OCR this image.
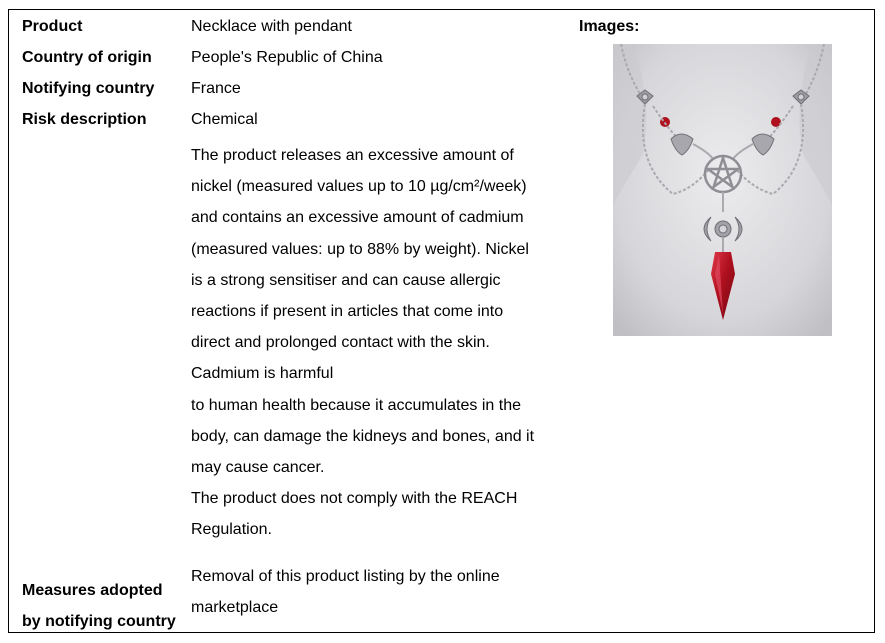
Product	Necklace with pendant
Country of origin People's Republic of China
Notifying country France
Risk description	Chemical
The product releases an excessive amount of
nickel (measured values up to 10 µg/cm²/week)
and contains an excessive amount of cadmium
(measured values: up to 88% by weight). Nickel
is a strong sensitiser and can cause allergic
reactions if present in articles that come into
direct and prolonged contact with the skin.
Cadmium is harmful
to human health because it accumulates in the
body, can damage the kidneys and bones, and it
may cause cancer.
The product does not comply with the REACH
Regulation.
Measures adopted
by notifying country
Removal of this product listing by the online
marketplace
Images:
